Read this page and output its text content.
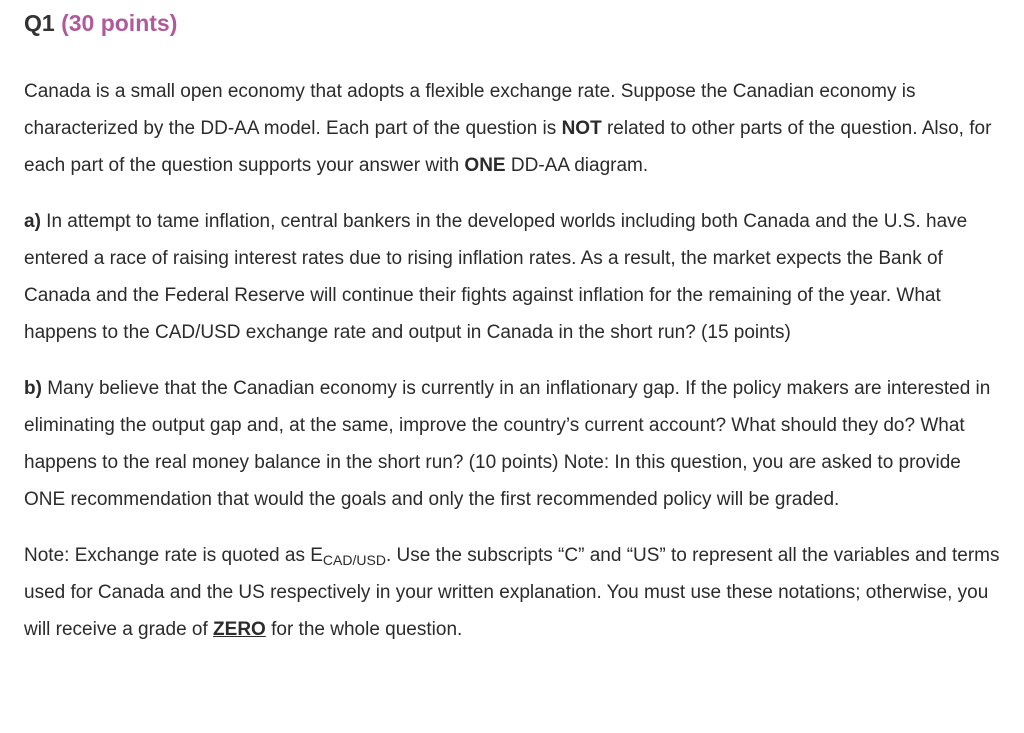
Q1 (30 points)

Canada is a small open economy that adopts a flexible exchange rate. Suppose the Canadian economy is characterized by the DD-AA model. Each part of the question is NOT related to other parts of the question. Also, for each part of the question supports your answer with ONE DD-AA diagram.

a) In attempt to tame inflation, central bankers in the developed worlds including both Canada and the U.S. have entered a race of raising interest rates due to rising inflation rates. As a result, the market expects the Bank of Canada and the Federal Reserve will continue their fights against inflation for the remaining of the year. What happens to the CAD/USD exchange rate and output in Canada in the short run? (15 points)

b) Many believe that the Canadian economy is currently in an inflationary gap. If the policy makers are interested in eliminating the output gap and, at the same, improve the country’s current account? What should they do? What happens to the real money balance in the short run? (10 points) Note: In this question, you are asked to provide ONE recommendation that would the goals and only the first recommended policy will be graded.

Note: Exchange rate is quoted as $E_{CAD/USD}$. Use the subscripts “C” and “US” to represent all the variables and terms used for Canada and the US respectively in your written explanation. You must use these notations; otherwise, you will receive a grade of ZERO for the whole question.
